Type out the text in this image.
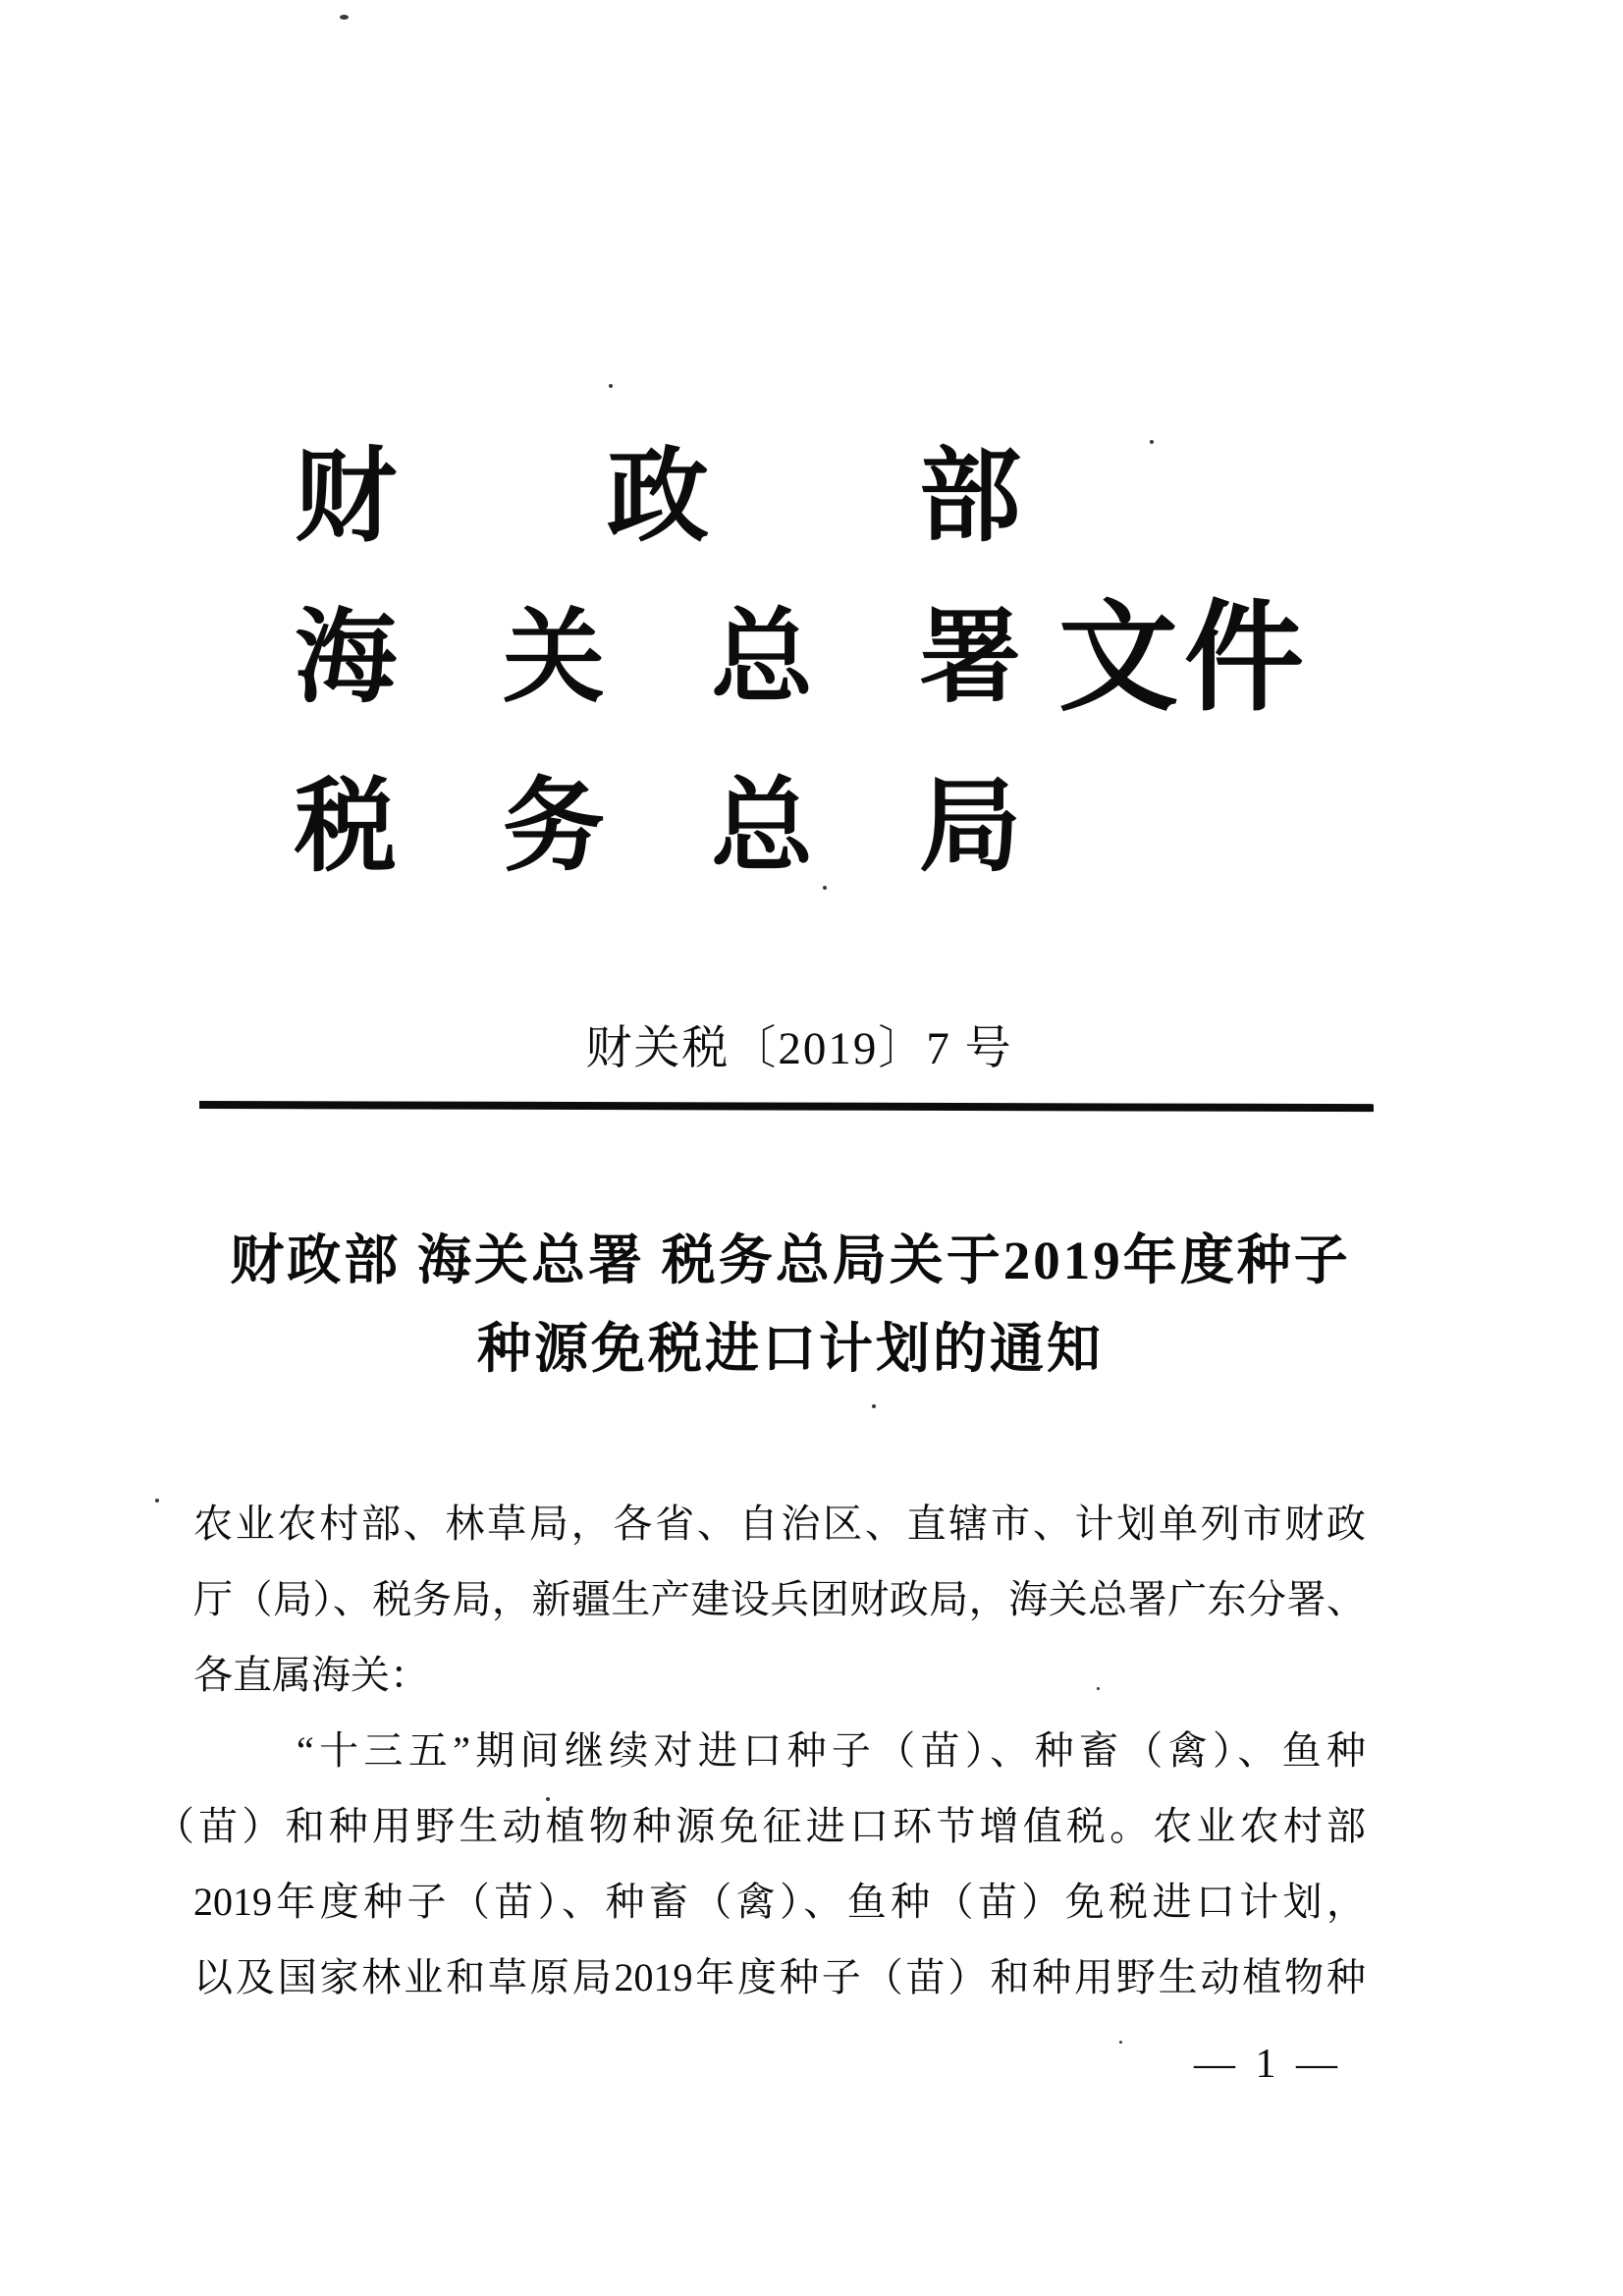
财 政 部
海 关 总 署
税 务 总 局
文件
财关税〔2019〕7 号
财政部 海关总署 税务总局关于2019年度种子
种源免税进口计划的通知
农业农村部、林草局，各省、自治区、直辖市、计划单列市财政
厅（局）、税务局，新疆生产建设兵团财政局，海关总署广东分署、
各直属海关：
“十三五”期间继续对进口种子（苗）、种畜（禽）、鱼种
（苗）和种用野生动植物种源免征进口环节增值税。农业农村部
2019年度种子（苗）、种畜（禽）、鱼种（苗）免税进口计划，
以及国家林业和草原局2019年度种子（苗）和种用野生动植物种
— 1 —
